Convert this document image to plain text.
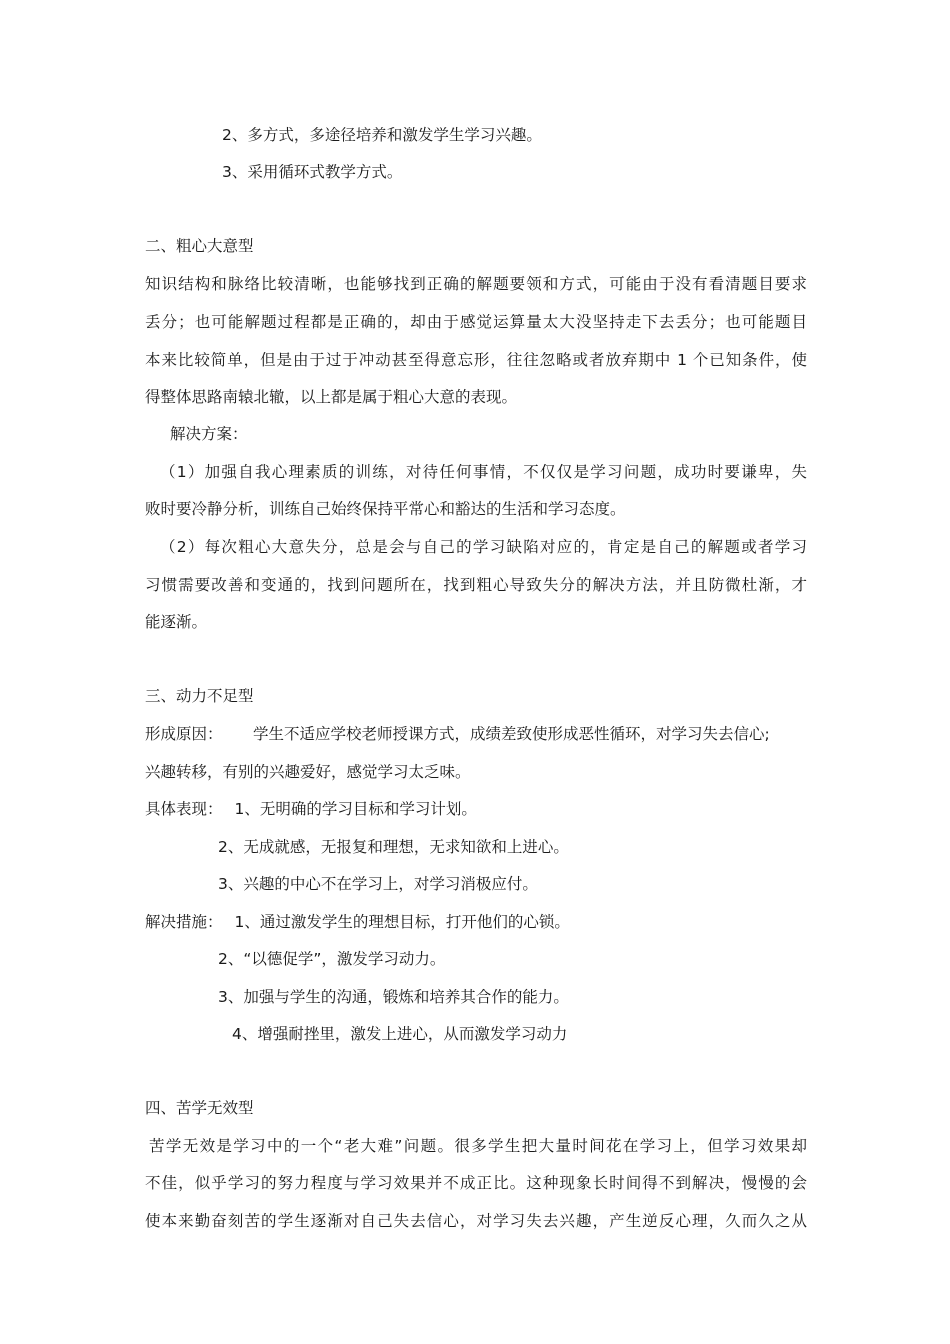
2、多方式，多途径培养和激发学生学习兴趣。
3、采用循环式教学方式。
二、粗心大意型
知识结构和脉络比较清晰，也能够找到正确的解题要领和方式，可能由于没有看清题目要求
丢分；也可能解题过程都是正确的，却由于感觉运算量太大没坚持走下去丢分；也可能题目
本来比较简单，但是由于过于冲动甚至得意忘形，往往忽略或者放弃期中 1 个已知条件，使
得整体思路南辕北辙，以上都是属于粗心大意的表现。
解决方案：
（1）加强自我心理素质的训练，对待任何事情，不仅仅是学习问题，成功时要谦卑，失
败时要冷静分析，训练自己始终保持平常心和豁达的生活和学习态度。
（2）每次粗心大意失分，总是会与自己的学习缺陷对应的，肯定是自己的解题或者学习
习惯需要改善和变通的，找到问题所在，找到粗心导致失分的解决方法，并且防微杜渐，才
能逐渐。
三、动力不足型
形成原因： 学生不适应学校老师授课方式，成绩差致使形成恶性循环，对学习失去信心;
兴趣转移，有别的兴趣爱好，感觉学习太乏味。
具体表现： 1、无明确的学习目标和学习计划。
2、无成就感，无报复和理想，无求知欲和上进心。
3、兴趣的中心不在学习上，对学习消极应付。
解决措施： 1、通过激发学生的理想目标，打开他们的心锁。
2、“以德促学”，激发学习动力。
3、加强与学生的沟通，锻炼和培养其合作的能力。
4、增强耐挫里，激发上进心，从而激发学习动力
四、苦学无效型
苦学无效是学习中的一个“老大难”问题。很多学生把大量时间花在学习上，但学习效果却
不佳，似乎学习的努力程度与学习效果并不成正比。这种现象长时间得不到解决，慢慢的会
使本来勤奋刻苦的学生逐渐对自己失去信心，对学习失去兴趣，产生逆反心理，久而久之从
